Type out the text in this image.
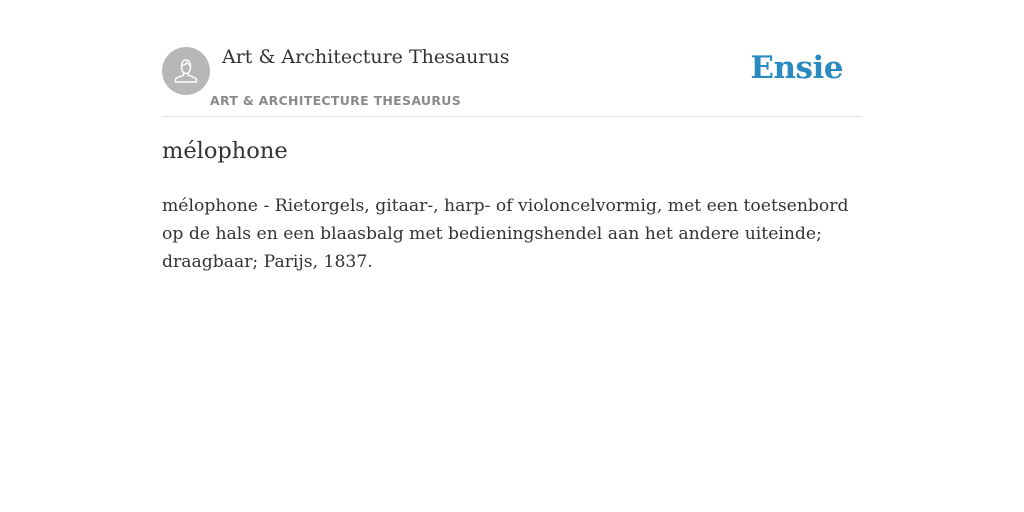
Art & Architecture Thesaurus
ART & ARCHITECTURE THESAURUS
Ensie
mélophone

mélophone - Rietorgels, gitaar-, harp- of violoncelvormig, met een toetsenbord op de hals en een blaasbalg met bedieningshendel aan het andere uiteinde; draagbaar; Parijs, 1837.
